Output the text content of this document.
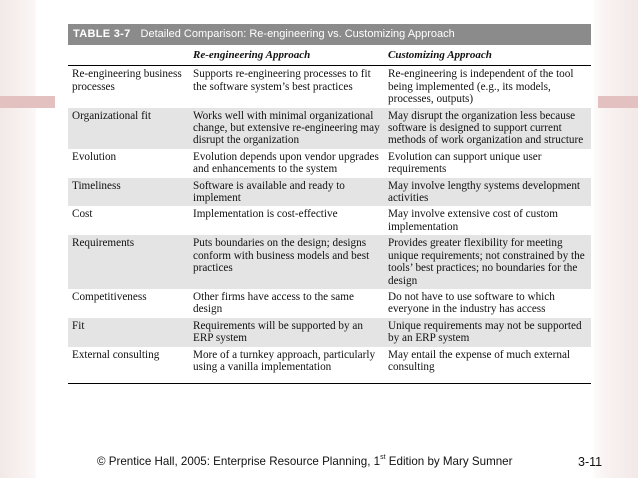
TABLE 3-7 Detailed Comparison: Re-engineering vs. Customizing Approach
	Re-engineering Approach	Customizing Approach
Re-engineering business processes	Supports re-engineering processes to fit the software system’s best practices	Re-engineering is independent of the tool being implemented (e.g., its models, processes, outputs)
Organizational fit	Works well with minimal organizational change, but extensive re-engineering may disrupt the organization	May disrupt the organization less because software is designed to support current methods of work organization and structure
Evolution	Evolution depends upon vendor upgrades and enhancements to the system	Evolution can support unique user requirements
Timeliness	Software is available and ready to implement	May involve lengthy systems development activities
Cost	Implementation is cost-effective	May involve extensive cost of custom implementation
Requirements	Puts boundaries on the design; designs conform with business models and best practices	Provides greater flexibility for meeting unique requirements; not constrained by the tools’ best practices; no boundaries for the design
Competitiveness	Other firms have access to the same design	Do not have to use software to which everyone in the industry has access
Fit	Requirements will be supported by an ERP system	Unique requirements may not be supported by an ERP system
External consulting	More of a turnkey approach, particularly using a vanilla implementation	May entail the expense of much external consulting
© Prentice Hall, 2005: Enterprise Resource Planning, 1st Edition by Mary Sumner	3-11
